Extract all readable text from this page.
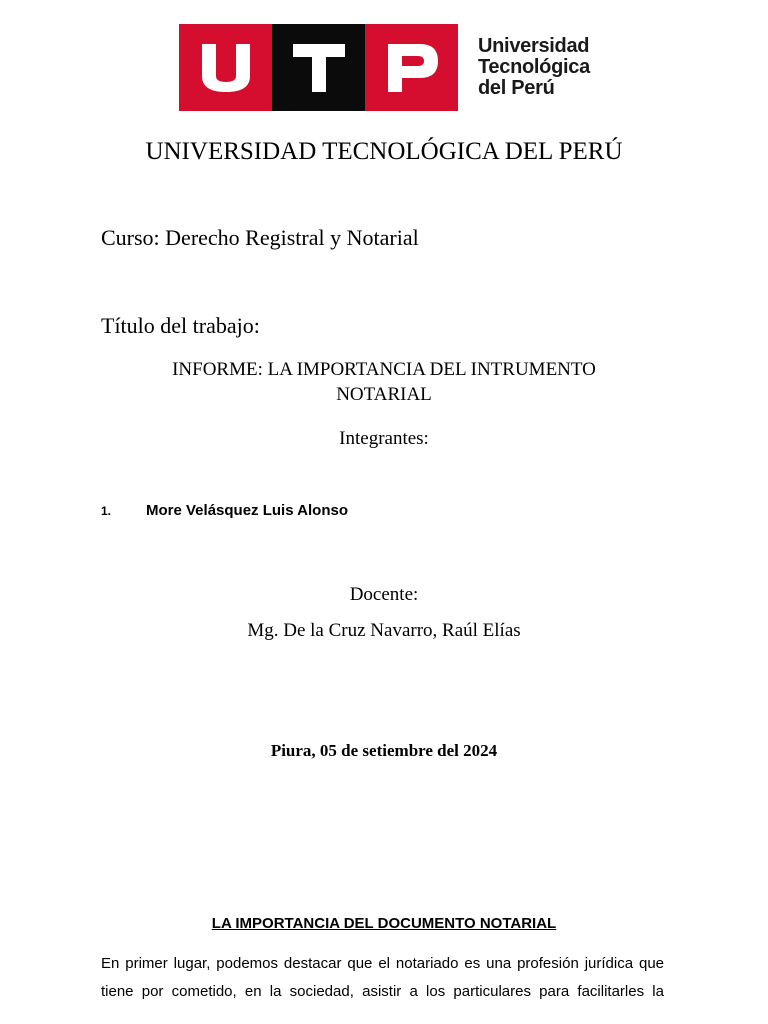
Universidad
Tecnológica
del Perú
UNIVERSIDAD TECNOLÓGICA DEL PERÚ
Curso: Derecho Registral y Notarial
Título del trabajo:
INFORME: LA IMPORTANCIA DEL INTRUMENTO
NOTARIAL
Integrantes:
1. More Velásquez Luis Alonso
Docente:
Mg. De la Cruz Navarro, Raúl Elías
Piura, 05 de setiembre del 2024
LA IMPORTANCIA DEL DOCUMENTO NOTARIAL
En primer lugar, podemos destacar que el notariado es una profesión jurídica que
tiene por cometido, en la sociedad, asistir a los particulares para facilitarles la
